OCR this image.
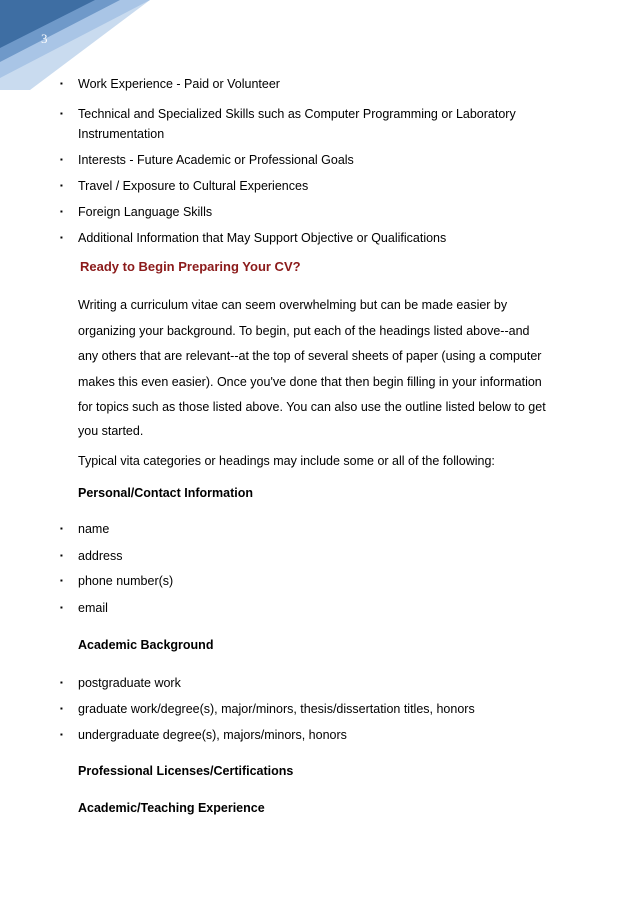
3
▪ Work Experience - Paid or Volunteer
▪ Technical and Specialized Skills such as Computer Programming or Laboratory
Instrumentation
▪ Interests - Future Academic or Professional Goals
▪ Travel / Exposure to Cultural Experiences
▪ Foreign Language Skills
▪ Additional Information that May Support Objective or Qualifications
Ready to Begin Preparing Your CV?
Writing a curriculum vitae can seem overwhelming but can be made easier by
organizing your background. To begin, put each of the headings listed above--and
any others that are relevant--at the top of several sheets of paper (using a computer
makes this even easier). Once you've done that then begin filling in your information
for topics such as those listed above. You can also use the outline listed below to get
you started.
Typical vita categories or headings may include some or all of the following:
Personal/Contact Information
▪ name
▪ address
▪ phone number(s)
▪ email
Academic Background
▪ postgraduate work
▪ graduate work/degree(s), major/minors, thesis/dissertation titles, honors
▪ undergraduate degree(s), majors/minors, honors
Professional Licenses/Certifications
Academic/Teaching Experience
